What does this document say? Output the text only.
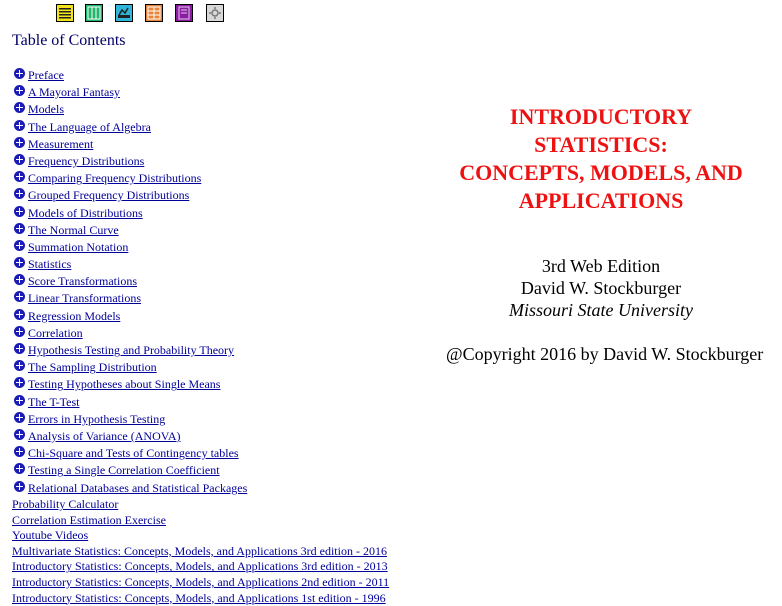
Table of Contents
Preface
A Mayoral Fantasy
Models
The Language of Algebra
Measurement
Frequency Distributions
Comparing Frequency Distributions
Grouped Frequency Distributions
Models of Distributions
The Normal Curve
Summation Notation
Statistics
Score Transformations
Linear Transformations
Regression Models
Correlation
Hypothesis Testing and Probability Theory
The Sampling Distribution
Testing Hypotheses about Single Means
The T-Test
Errors in Hypothesis Testing
Analysis of Variance (ANOVA)
Chi-Square and Tests of Contingency tables
Testing a Single Correlation Coefficient
Relational Databases and Statistical Packages
Probability Calculator
Correlation Estimation Exercise
Youtube Videos
Multivariate Statistics: Concepts, Models, and Applications 3rd edition - 2016
Introductory Statistics: Concepts, Models, and Applications 3rd edition - 2013
Introductory Statistics: Concepts, Models, and Applications 2nd edition - 2011
Introductory Statistics: Concepts, Models, and Applications 1st edition - 1996
INTRODUCTORY
STATISTICS:
CONCEPTS, MODELS, AND
APPLICATIONS
3rd Web Edition
David W. Stockburger
Missouri State University
@Copyright 2016 by David W. Stockburger
